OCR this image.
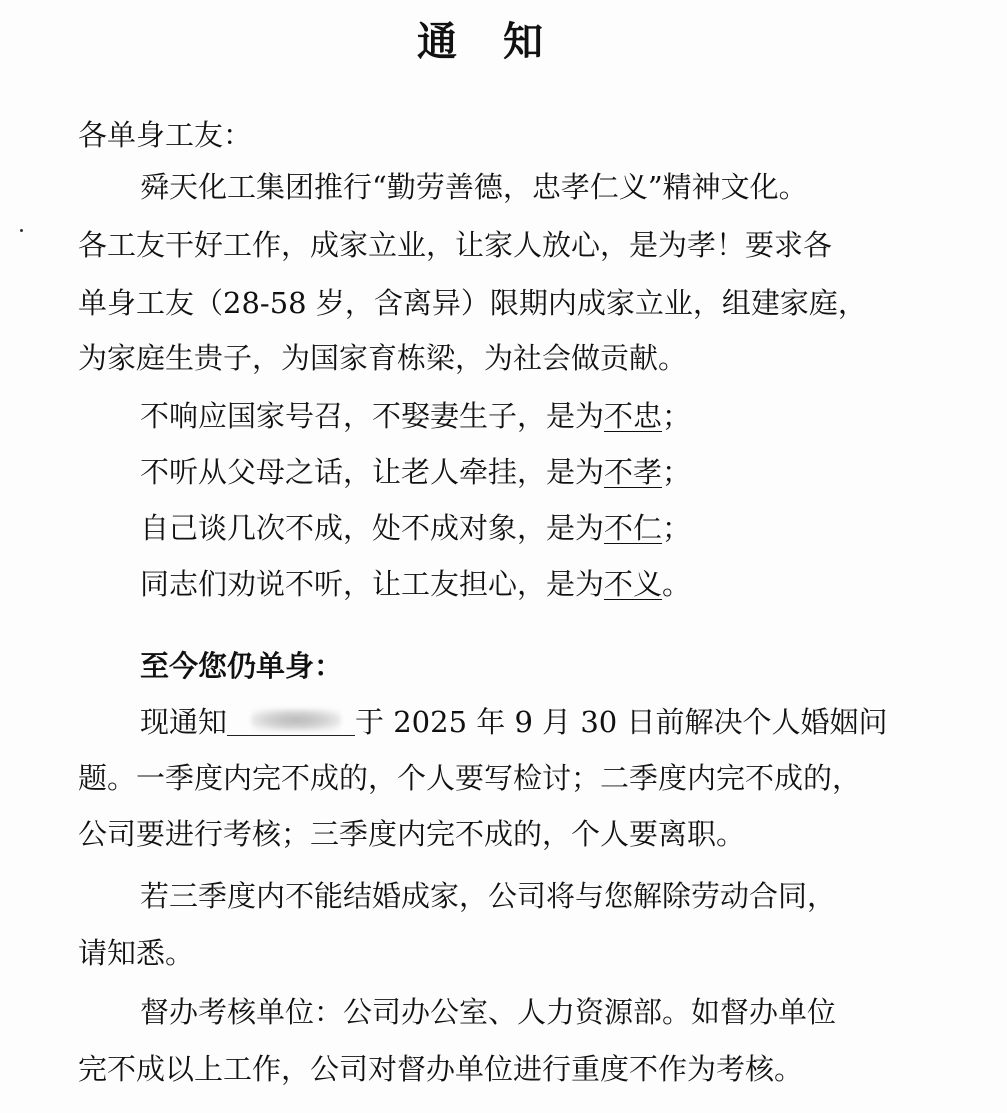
通 知
各单身工友：
舜天化工集团推行“勤劳善德，忠孝仁义”精神文化。
各工友干好工作，成家立业，让家人放心，是为孝！要求各
单身工友（28-58 岁，含离异）限期内成家立业，组建家庭，
为家庭生贵子，为国家育栋梁，为社会做贡献。
不响应国家号召，不娶妻生子，是为不忠；
不听从父母之话，让老人牵挂，是为不孝；
自己谈几次不成，处不成对象，是为不仁；
同志们劝说不听，让工友担心，是为不义。
至今您仍单身：
现通知	于 2025 年 9 月 30 日前解决个人婚姻问
题。一季度内完不成的，个人要写检讨；二季度内完不成的，
公司要进行考核；三季度内完不成的，个人要离职。
若三季度内不能结婚成家，公司将与您解除劳动合同，
请知悉。
督办考核单位：公司办公室、人力资源部。如督办单位
完不成以上工作，公司对督办单位进行重度不作为考核。
